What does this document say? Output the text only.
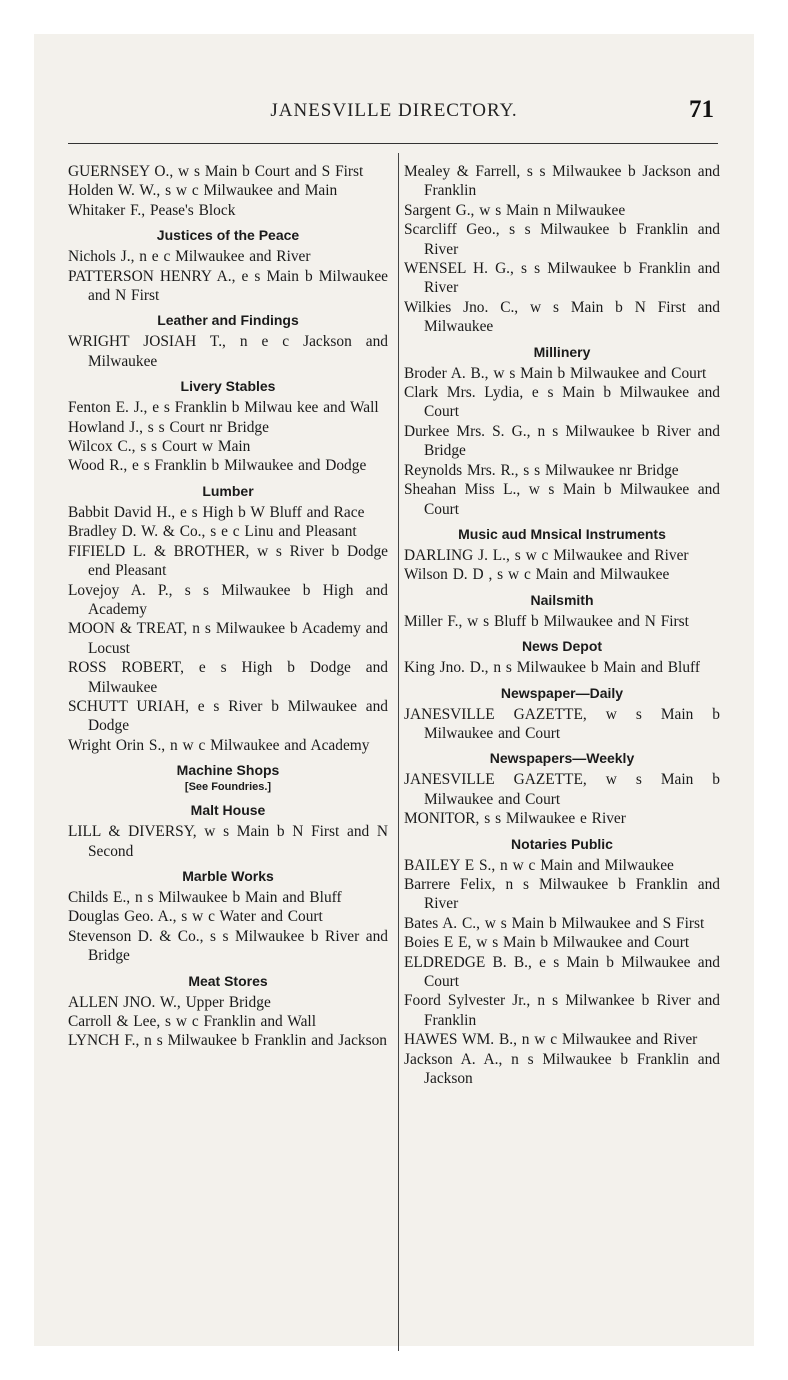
JANESVILLE DIRECTORY.	71
GUERNSEY O., w s Main b Court and S First
Holden W. W., s w c Milwaukee and Main
Whitaker F., Pease's Block
Justices of the Peace
Nichols J., n e c Milwaukee and River
PATTERSON HENRY A., e s Main b Milwaukee and N First
Leather and Findings
WRIGHT JOSIAH T., n e c Jackson and Milwaukee
Livery Stables
Fenton E. J., e s Franklin b Milwau kee and Wall
Howland J., s s Court nr Bridge
Wilcox C., s s Court w Main
Wood R., e s Franklin b Milwaukee and Dodge
Lumber
Babbit David H., e s High b W Bluff and Race
Bradley D. W. & Co., s e c Linu and Pleasant
FIFIELD L. & BROTHER, w s River b Dodge end Pleasant
Lovejoy A. P., s s Milwaukee b High and Academy
MOON & TREAT, n s Milwaukee b Academy and Locust
ROSS ROBERT, e s High b Dodge and Milwaukee
SCHUTT URIAH, e s River b Milwaukee and Dodge
Wright Orin S., n w c Milwaukee and Academy
Machine Shops
[See Foundries.]
Malt House
LILL & DIVERSY, w s Main b N First and N Second
Marble Works
Childs E., n s Milwaukee b Main and Bluff
Douglas Geo. A., s w c Water and Court
Stevenson D. & Co., s s Milwaukee b River and Bridge
Meat Stores
ALLEN JNO. W., Upper Bridge
Carroll & Lee, s w c Franklin and Wall
LYNCH F., n s Milwaukee b Franklin and Jackson
Mealey & Farrell, s s Milwaukee b Jackson and Franklin
Sargent G., w s Main n Milwaukee
Scarcliff Geo., s s Milwaukee b Franklin and River
WENSEL H. G., s s Milwaukee b Franklin and River
Wilkies Jno. C., w s Main b N First and Milwaukee
Millinery
Broder A. B., w s Main b Milwaukee and Court
Clark Mrs. Lydia, e s Main b Milwaukee and Court
Durkee Mrs. S. G., n s Milwaukee b River and Bridge
Reynolds Mrs. R., s s Milwaukee nr Bridge
Sheahan Miss L., w s Main b Milwaukee and Court
Music aud Mnsical Instruments
DARLING J. L., s w c Milwaukee and River
Wilson D. D , s w c Main and Milwaukee
Nailsmith
Miller F., w s Bluff b Milwaukee and N First
News Depot
King Jno. D., n s Milwaukee b Main and Bluff
Newspaper—Daily
JANESVILLE GAZETTE, w s Main b Milwaukee and Court
Newspapers—Weekly
JANESVILLE GAZETTE, w s Main b Milwaukee and Court
MONITOR, s s Milwaukee e River
Notaries Public
BAILEY E S., n w c Main and Milwaukee
Barrere Felix, n s Milwaukee b Franklin and River
Bates A. C., w s Main b Milwaukee and S First
Boies E E, w s Main b Milwaukee and Court
ELDREDGE B. B., e s Main b Milwaukee and Court
Foord Sylvester Jr., n s Milwankee b River and Franklin
HAWES WM. B., n w c Milwaukee and River
Jackson A. A., n s Milwaukee b Franklin and Jackson
